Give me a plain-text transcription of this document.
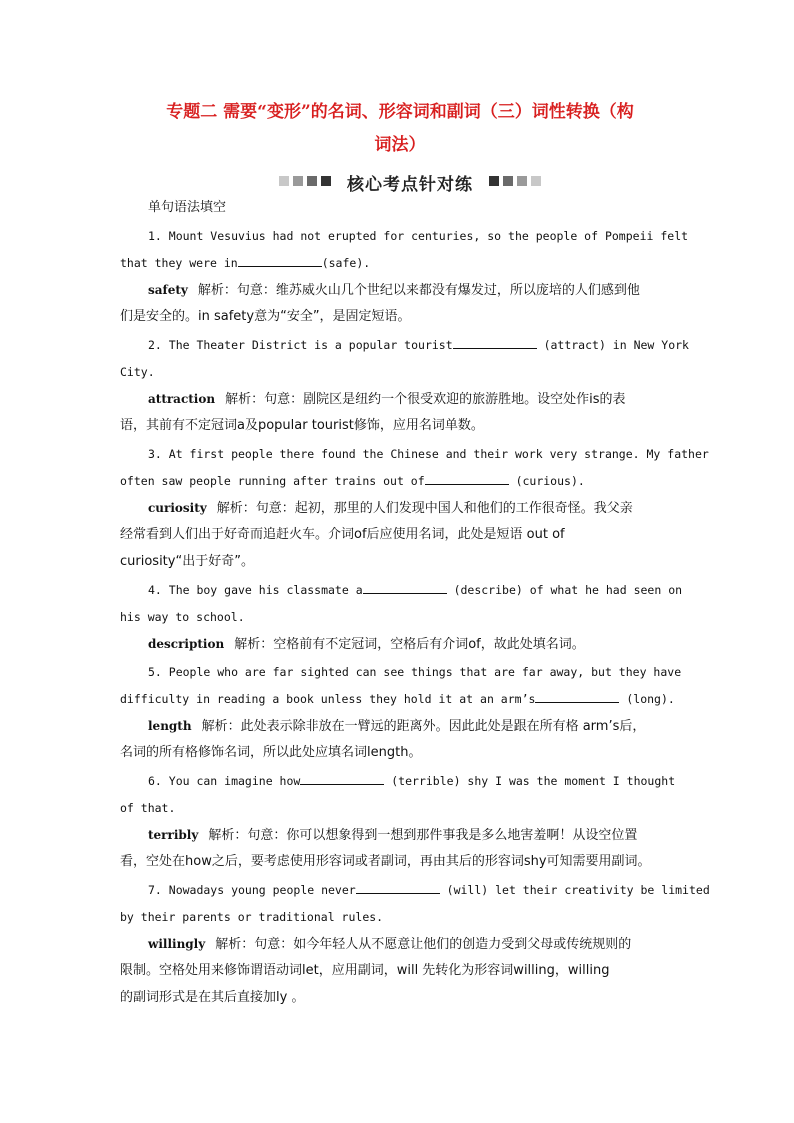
专题二 需要“变形”的名词、形容词和副词（三）词性转换（构
词法）
核心考点针对练
单句语法填空
1. Mount Vesuvius had not erupted for centuries, so the people of Pompeii felt
that they were in	(safe).
safety 解析：句意：维苏威火山几个世纪以来都没有爆发过，所以庞培的人们感到他
们是安全的。in safety意为“安全”，是固定短语。
2. The Theater District is a popular tourist	(attract) in New York
City.
attraction 解析：句意：剧院区是纽约一个很受欢迎的旅游胜地。设空处作is的表
语，其前有不定冠词a及popular tourist修饰，应用名词单数。
3. At first people there found the Chinese and their work very strange. My father
often saw people running after trains out of	(curious).
curiosity 解析：句意：起初，那里的人们发现中国人和他们的工作很奇怪。我父亲
经常看到人们出于好奇而追赶火车。介词of后应使用名词，此处是短语 out of
curiosity“出于好奇”。
4. The boy gave his classmate a	(describe) of what he had seen on
his way to school.
description 解析：空格前有不定冠词，空格后有介词of，故此处填名词。
5. People who are far sighted can see things that are far away, but they have
difficulty in reading a book unless they hold it at an arm’s	(long).
length 解析：此处表示除非放在一臂远的距离外。因此此处是跟在所有格 arm’s后，
名词的所有格修饰名词，所以此处应填名词length。
6. You can imagine how	(terrible) shy I was the moment I thought
of that.
terribly 解析：句意：你可以想象得到一想到那件事我是多么地害羞啊！从设空位置
看，空处在how之后，要考虑使用形容词或者副词，再由其后的形容词shy可知需要用副词。
7. Nowadays young people never	(will) let their creativity be limited
by their parents or traditional rules.
willingly 解析：句意：如今年轻人从不愿意让他们的创造力受到父母或传统规则的
限制。空格处用来修饰谓语动词let，应用副词，will 先转化为形容词willing，willing
的副词形式是在其后直接加ly 。
